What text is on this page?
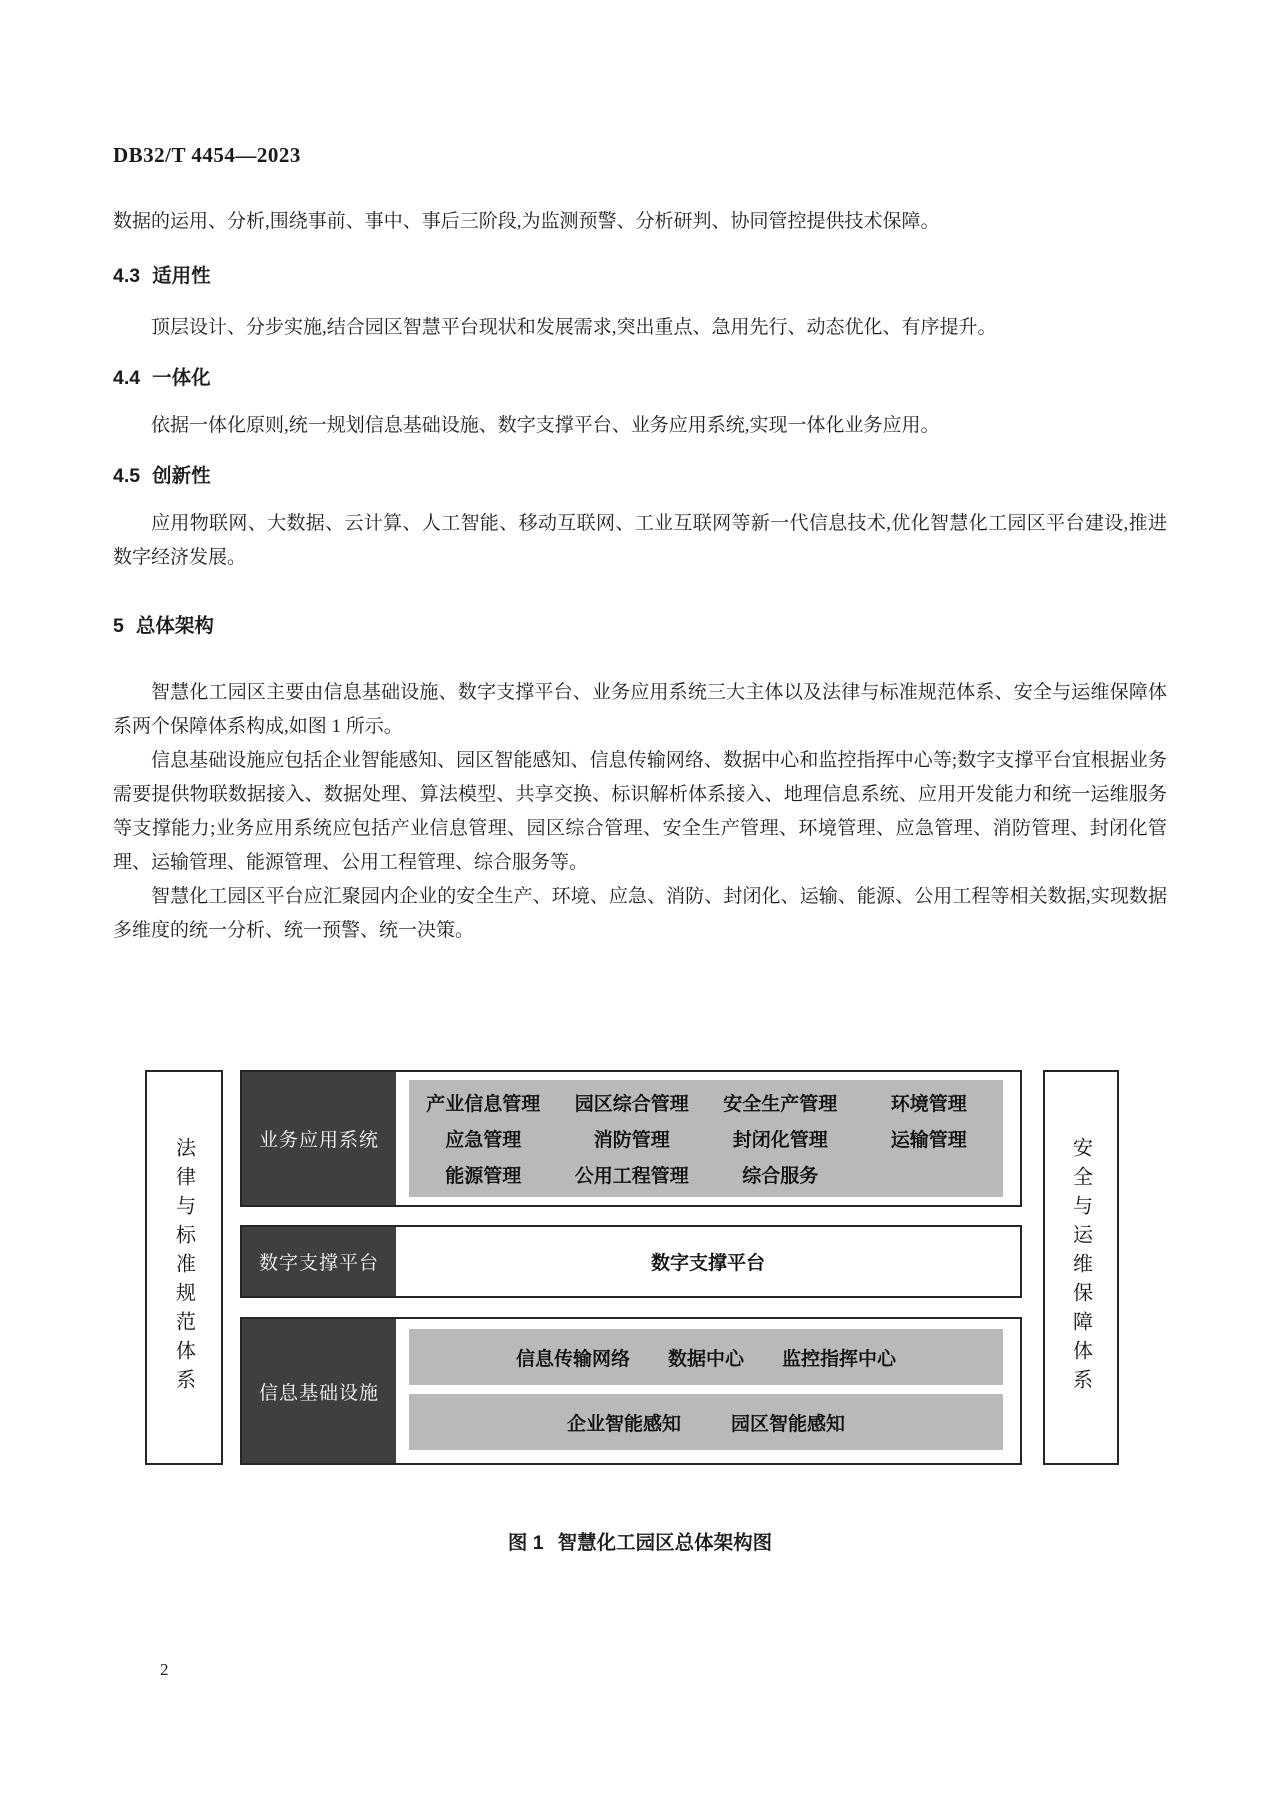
DB32/T 4454—2023

数据的运用、分析,围绕事前、事中、事后三阶段,为监测预警、分析研判、协同管控提供技术保障。

4.3 适用性

顶层设计、分步实施,结合园区智慧平台现状和发展需求,突出重点、急用先行、动态优化、有序提升。

4.4 一体化

依据一体化原则,统一规划信息基础设施、数字支撑平台、业务应用系统,实现一体化业务应用。

4.5 创新性

应用物联网、大数据、云计算、人工智能、移动互联网、工业互联网等新一代信息技术,优化智慧化工园区平台建设,推进数字经济发展。

5 总体架构

智慧化工园区主要由信息基础设施、数字支撑平台、业务应用系统三大主体以及法律与标准规范体系、安全与运维保障体系两个保障体系构成,如图 1 所示。

信息基础设施应包括企业智能感知、园区智能感知、信息传输网络、数据中心和监控指挥中心等;数字支撑平台宜根据业务需要提供物联数据接入、数据处理、算法模型、共享交换、标识解析体系接入、地理信息系统、应用开发能力和统一运维服务等支撑能力;业务应用系统应包括产业信息管理、园区综合管理、安全生产管理、环境管理、应急管理、消防管理、封闭化管理、运输管理、能源管理、公用工程管理、综合服务等。

智慧化工园区平台应汇聚园内企业的安全生产、环境、应急、消防、封闭化、运输、能源、公用工程等相关数据,实现数据多维度的统一分析、统一预警、统一决策。

法律与标准规范体系	业务应用系统
产业信息管理 园区综合管理 安全生产管理	环境管理
应急管理	消防管理	封闭化管理	运输管理
能源管理	公用工程管理	综合服务
数字支撑平台	数字支撑平台
信息基础设施
信息传输网络 数据中心 监控指挥中心
企业智能感知	园区智能感知
安全与运维保障体系
图 1 智慧化工园区总体架构图
2
